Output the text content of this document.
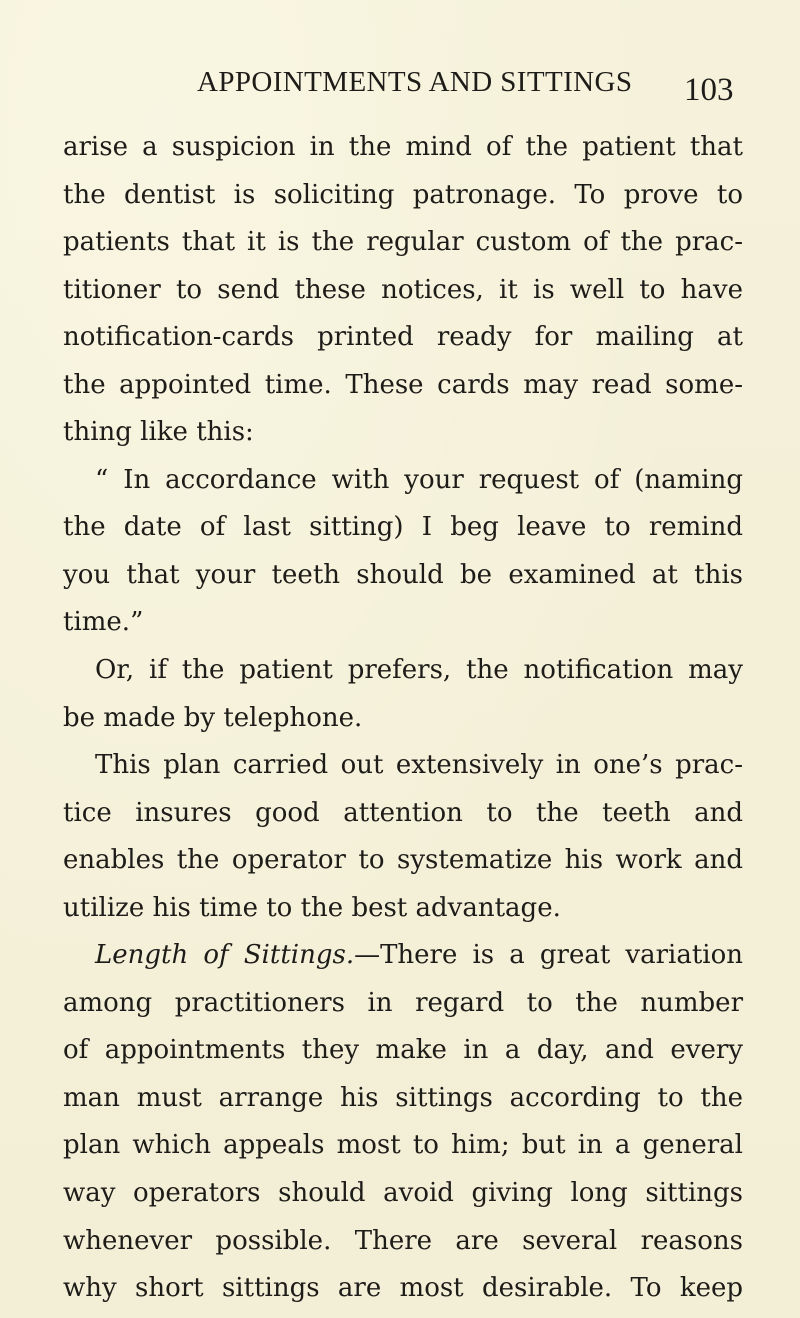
APPOINTMENTS AND SITTINGS 103
arise a suspicion in the mind of the patient that
the dentist is soliciting patronage. To prove to
patients that it is the regular custom of the prac-
titioner to send these notices, it is well to have
notification-cards printed ready for mailing at
the appointed time. These cards may read some-
thing like this:
“ In accordance with your request of (naming
the date of last sitting) I beg leave to remind
you that your teeth should be examined at this
time.”
Or, if the patient prefers, the notification may
be made by telephone.
This plan carried out extensively in one’s prac-
tice insures good attention to the teeth and
enables the operator to systematize his work and
utilize his time to the best advantage.
Length of Sittings.—There is a great variation
among practitioners in regard to the number
of appointments they make in a day, and every
man must arrange his sittings according to the
plan which appeals most to him; but in a general
way operators should avoid giving long sittings
whenever possible. There are several reasons
why short sittings are most desirable. To keep
